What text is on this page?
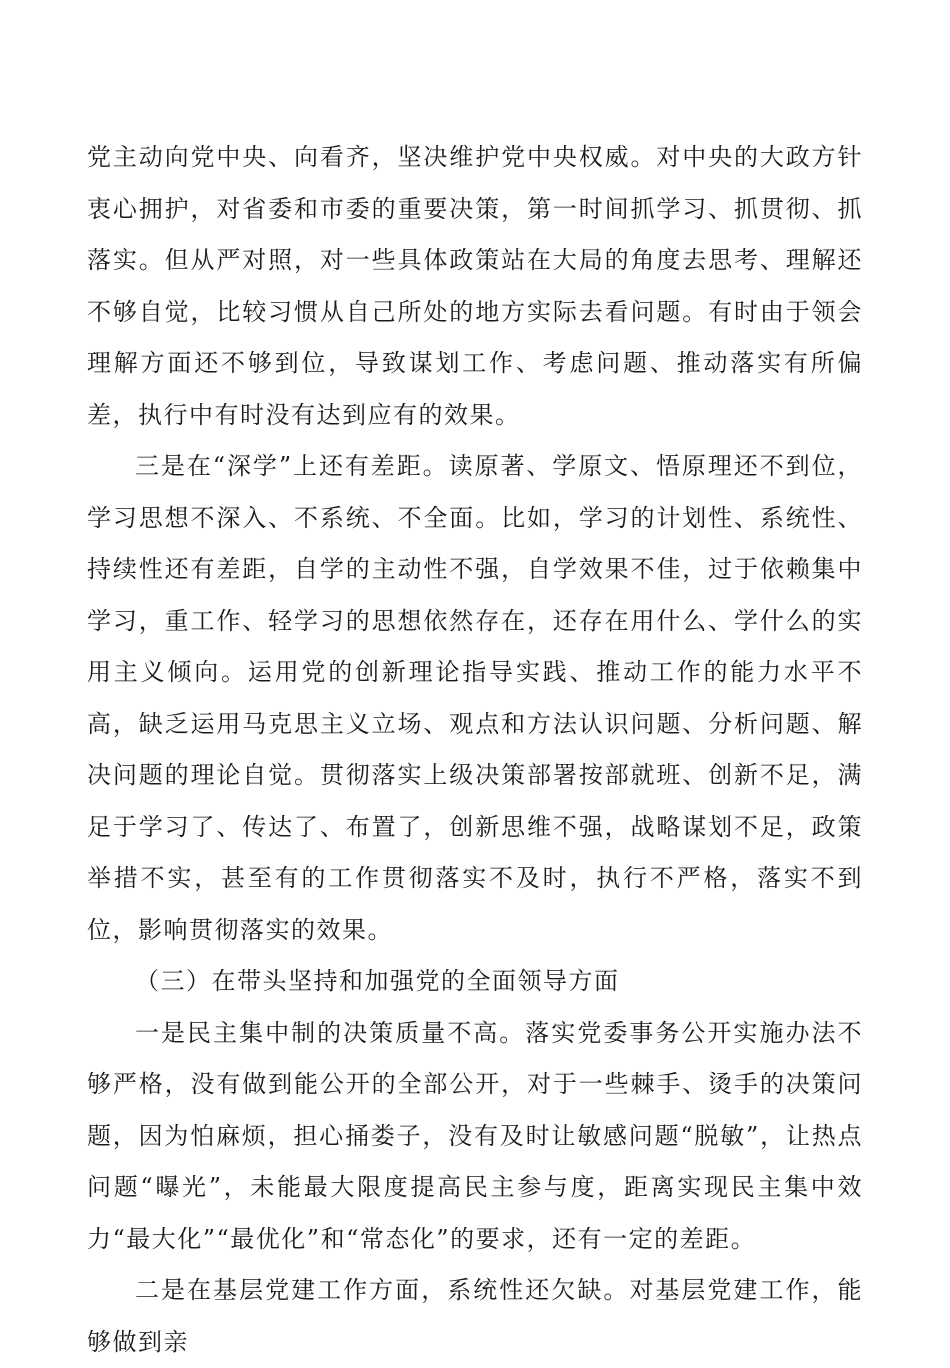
党主动向党中央、向看齐，坚决维护党中央权威。对中央的大政方针衷心拥护，对省委和市委的重要决策，第一时间抓学习、抓贯彻、抓落实。但从严对照，对一些具体政策站在大局的角度去思考、理解还不够自觉，比较习惯从自己所处的地方实际去看问题。有时由于领会理解方面还不够到位，导致谋划工作、考虑问题、推动落实有所偏差，执行中有时没有达到应有的效果。

三是在“深学”上还有差距。读原著、学原文、悟原理还不到位，学习思想不深入、不系统、不全面。比如，学习的计划性、系统性、持续性还有差距，自学的主动性不强，自学效果不佳，过于依赖集中学习，重工作、轻学习的思想依然存在，还存在用什么、学什么的实用主义倾向。运用党的创新理论指导实践、推动工作的能力水平不高，缺乏运用马克思主义立场、观点和方法认识问题、分析问题、解决问题的理论自觉。贯彻落实上级决策部署按部就班、创新不足，满足于学习了、传达了、布置了，创新思维不强，战略谋划不足，政策举措不实，甚至有的工作贯彻落实不及时，执行不严格，落实不到位，影响贯彻落实的效果。

（三）在带头坚持和加强党的全面领导方面

一是民主集中制的决策质量不高。落实党委事务公开实施办法不够严格，没有做到能公开的全部公开，对于一些棘手、烫手的决策问题，因为怕麻烦，担心捅娄子，没有及时让敏感问题“脱敏”，让热点问题“曝光”，未能最大限度提高民主参与度，距离实现民主集中效力“最大化”“最优化”和“常态化”的要求，还有一定的差距。

二是在基层党建工作方面，系统性还欠缺。对基层党建工作，能够做到亲
